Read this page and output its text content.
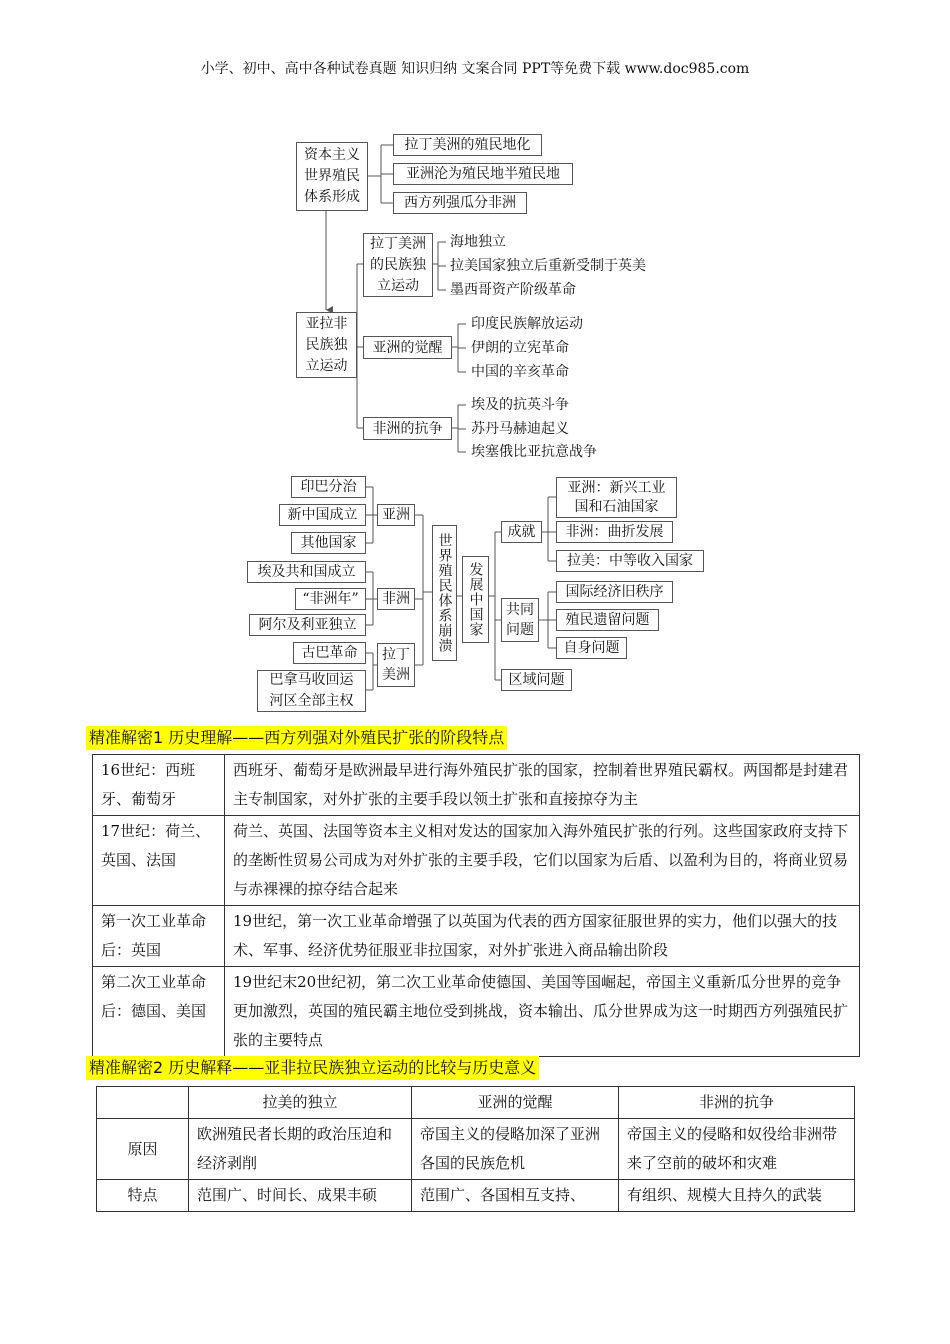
小学、初中、高中各种试卷真题 知识归纳 文案合同 PPT等免费下载 www.doc985.com
资本主义世界殖民体系形成
拉丁美洲的殖民地化
亚洲沦为殖民地半殖民地
西方列强瓜分非洲
亚拉非民族独立运动
拉丁美洲的民族独立运动
海地独立
拉美国家独立后重新受制于英美
墨西哥资产阶级革命
亚洲的觉醒
印度民族解放运动
伊朗的立宪革命
中国的辛亥革命
非洲的抗争
埃及的抗英斗争
苏丹马赫迪起义
埃塞俄比亚抗意战争
印巴分治
新中国成立
其他国家
亚洲
埃及共和国成立
“非洲年”
阿尔及利亚独立
非洲
古巴革命
巴拿马收回运河区全部主权
拉丁美洲
世界殖民体系崩溃	发展中国家
成就
亚洲：新兴工业国和石油国家
非洲：曲折发展
拉美：中等收入国家
共同问题
国际经济旧秩序
殖民遗留问题
自身问题
区域问题
精准解密1 历史理解——西方列强对外殖民扩张的阶段特点
16世纪：西班牙、葡萄牙	西班牙、葡萄牙是欧洲最早进行海外殖民扩张的国家，控制着世界殖民霸权。两国都是封建君主专制国家，对外扩张的主要手段以领土扩张和直接掠夺为主
17世纪：荷兰、英国、法国	荷兰、英国、法国等资本主义相对发达的国家加入海外殖民扩张的行列。这些国家政府支持下的垄断性贸易公司成为对外扩张的主要手段，它们以国家为后盾、以盈利为目的，将商业贸易与赤裸裸的掠夺结合起来
第一次工业革命后：英国	19世纪，第一次工业革命增强了以英国为代表的西方国家征服世界的实力，他们以强大的技术、军事、经济优势征服亚非拉国家，对外扩张进入商品输出阶段
第二次工业革命后：德国、美国	19世纪末20世纪初，第二次工业革命使德国、美国等国崛起，帝国主义重新瓜分世界的竞争更加激烈，英国的殖民霸主地位受到挑战，资本输出、瓜分世界成为这一时期西方列强殖民扩张的主要特点
精准解密2 历史解释——亚非拉民族独立运动的比较与历史意义
	拉美的独立	亚洲的觉醒	非洲的抗争
原因	欧洲殖民者长期的政治压迫和经济剥削	帝国主义的侵略加深了亚洲各国的民族危机	帝国主义的侵略和奴役给非洲带来了空前的破坏和灾难
特点	范围广、时间长、成果丰硕	范围广、各国相互支持、	有组织、规模大且持久的武装
